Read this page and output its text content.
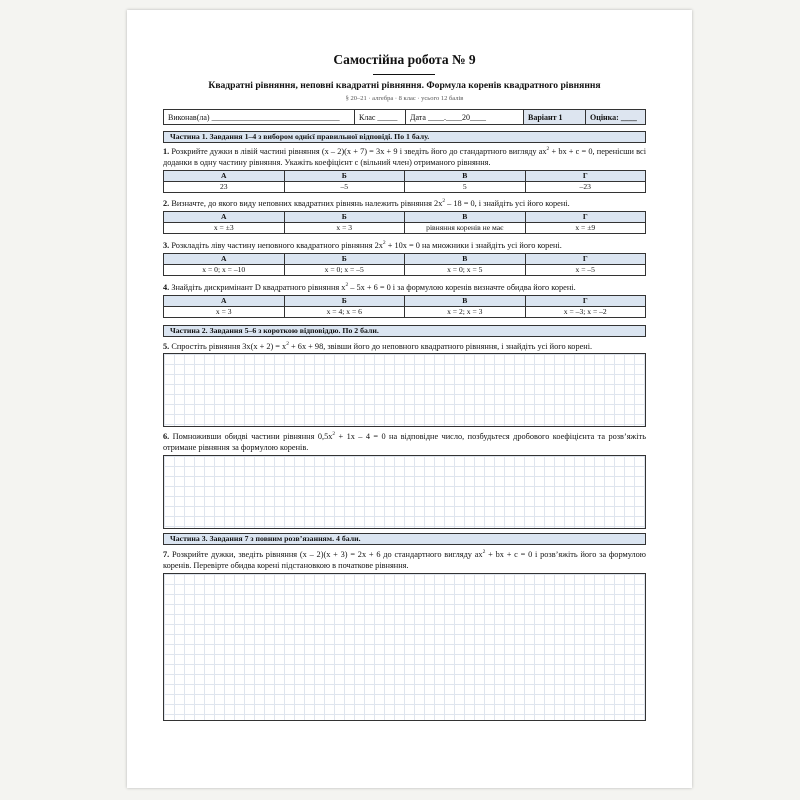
Самостійна робота № 9
Квадратні рівняння, неповні квадратні рівняння. Формула коренів квадратного рівняння
§ 20–21 · алгебра · 8 клас · усього 12 балів
Виконав(ла) ________________________________	Клас _____	Дата ____.____20____	Варіант 1	Оцінка: ____
Частина 1. Завдання 1–4 з вибором однієї правильної відповіді. По 1 балу.
1. Розкрийте дужки в лівій частині рівняння (x – 2)(x + 7) = 3x + 9 і зведіть його до стандартного вигляду $ax^2$ + bx + c = 0, перенісши всі доданки в одну частину рівняння. Укажіть коефіцієнт c (вільний член) отриманого рівняння.
А	Б	В	Г
23	–5	5	–23
2. Визначте, до якого виду неповних квадратних рівнянь належить рівняння $2x^2 - 18 = 0$, і знайдіть усі його корені.
А	Б	В	Г
x = ±3	x = 3	рівняння коренів не має	x = ±9
3. Розкладіть ліву частину неповного квадратного рівняння $2x^2 + 10x = 0$ на множники і знайдіть усі його корені.
А	Б	В	Г
x = 0; x = –10	x = 0; x = –5	x = 0; x = 5	x = –5
4. Знайдіть дискримінант D квадратного рівняння $x^2 - 5x + 6 = 0$ і за формулою коренів визначте обидва його корені.
А	Б	В	Г
x = 3	x = 4; x = 6	x = 2; x = 3	x = –3; x = –2
Частина 2. Завдання 5–6 з короткою відповіддю. По 2 бали.
5. Спростіть рівняння $3x(x + 2) = x^2 + 6x + 98$, звівши його до неповного квадратного рівняння, і знайдіть усі його корені.
6. Помноживши обидві частини рівняння $0,5x^2 + 1x - 4 = 0$ на відповідне число, позбудьтеся дробового коефіцієнта та розв’яжіть отримане рівняння за формулою коренів.
Частина 3. Завдання 7 з повним розв’язанням. 4 бали.
7. Розкрийте дужки, зведіть рівняння (x – 2)(x + 3) = 2x + 6 до стандартного вигляду $ax^2$ + bx + c = 0 і розв’яжіть його за формулою коренів. Перевірте обидва корені підстановкою в початкове рівняння.
